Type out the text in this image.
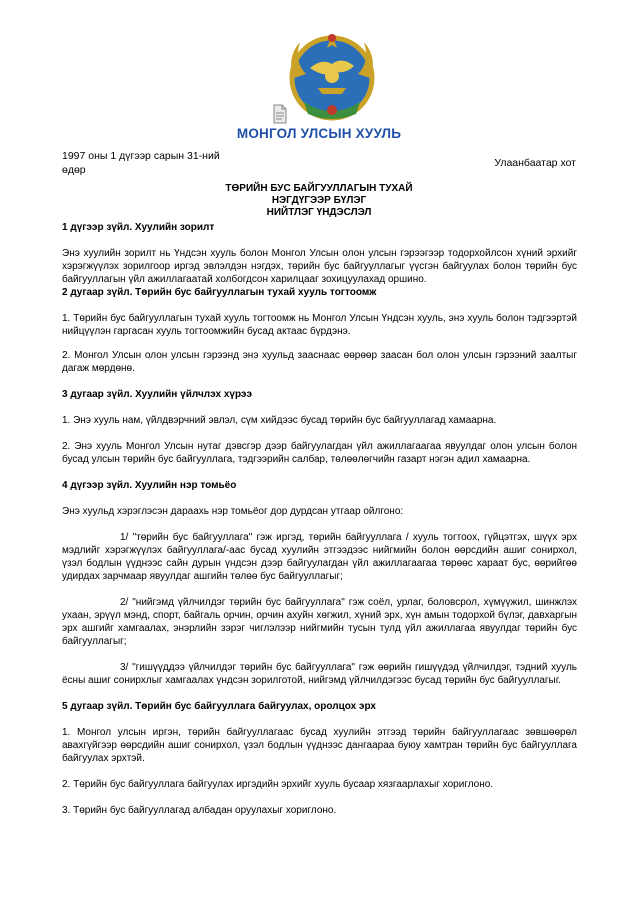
МОНГОЛ УЛСЫН ХУУЛЬ
1997 оны 1 дүгээр сарын 31-ний өдөр
Улаанбаатар хот
ТӨРИЙН БУС БАЙГУУЛЛАГЫН ТУХАЙ
НЭГДҮГЭЭР БҮЛЭГ
НИЙТЛЭГ ҮНДЭСЛЭЛ

1 дүгээр зүйл. Хуулийн зорилт

Энэ хуулийн зорилт нь Үндсэн хууль болон Монгол Улсын олон улсын гэрээгээр тодорхойлсон хүний эрхийг хэрэгжүүлэх зорилгоор иргэд эвлэлдэн нэгдэх, төрийн бус байгууллагыг үүсгэн байгуулах болон төрийн бус байгууллагын үйл ажиллагаатай холбогдсон харилцааг зохицуулахад оршино.

2 дугаар зүйл. Төрийн бус байгууллагын тухай хууль тогтоомж

1. Төрийн бус байгууллагын тухай хууль тогтоомж нь Монгол Улсын Үндсэн хууль, энэ хууль болон тэдгээртэй нийцүүлэн гаргасан хууль тогтоомжийн бусад актаас бүрдэнэ.

2. Монгол Улсын олон улсын гэрээнд энэ хуульд зааснаас өөрөөр заасан бол олон улсын гэрээний заалтыг дагаж мөрдөнө.

3 дугаар зүйл. Хуулийн үйлчлэх хүрээ

1. Энэ хууль нам, үйлдвэрчний эвлэл, сүм хийдээс бусад төрийн бус байгууллагад хамаарна.

2. Энэ хууль Монгол Улсын нутаг дэвсгэр дээр байгуулагдан үйл ажиллагаагаа явуулдаг олон улсын болон бусад улсын төрийн бус байгууллага, тэдгээрийн салбар, төлөөлөгчийн газарт нэгэн адил хамаарна.

4 дүгээр зүйл. Хуулийн нэр томьёо

Энэ хуульд хэрэглэсэн дараахь нэр томьёог дор дурдсан утгаар ойлгоно:

1/ "төрийн бус байгууллага" гэж иргэд, төрийн байгууллага / хууль тогтоох, гүйцэтгэх, шүүх эрх мэдлийг хэрэгжүүлэх байгууллага/-аас бусад хуулийн этгээдээс нийгмийн болон өөрсдийн ашиг сонирхол, үзэл бодлын үүднээс сайн дурын үндсэн дээр байгуулагдан үйл ажиллагаагаа төрөөс хараат бус, өөрийгөө удирдах зарчмаар явуулдаг ашгийн төлөө бус байгууллагыг;

2/ "нийгэмд үйлчилдэг төрийн бус байгууллага" гэж соёл, урлаг, боловсрол, хүмүүжил, шинжлэх ухаан, эрүүл мэнд, спорт, байгаль орчин, орчин ахуйн хөгжил, хүний эрх, хүн амын тодорхой бүлэг, давхаргын эрх ашгийг хамгаалах, энэрлийн зэрэг чиглэлээр нийгмийн тусын тулд үйл ажиллагаа явуулдаг төрийн бус байгууллагыг;

3/ "гишүүддээ үйлчилдэг төрийн бус байгууллага" гэж өөрийн гишүүдэд үйлчилдэг, тэдний хууль ёсны ашиг сонирхлыг хамгаалах үндсэн зорилготой, нийгэмд үйлчилдэгээс бусад төрийн бус байгууллагыг.

5 дугаар зүйл. Төрийн бус байгууллага байгуулах, оролцох эрх

1. Монгол улсын иргэн, төрийн байгууллагаас бусад хуулийн этгээд төрийн байгууллагаас зөвшөөрөл авахгүйгээр өөрсдийн ашиг сонирхол, үзэл бодлын үүднээс дангаараа буюу хамтран төрийн бус байгууллага байгуулах эрхтэй.

2. Төрийн бус байгууллага байгуулах иргэдийн эрхийг хууль бусаар хязгаарлахыг хориглоно.

3. Төрийн бус байгууллагад албадан оруулахыг хориглоно.
